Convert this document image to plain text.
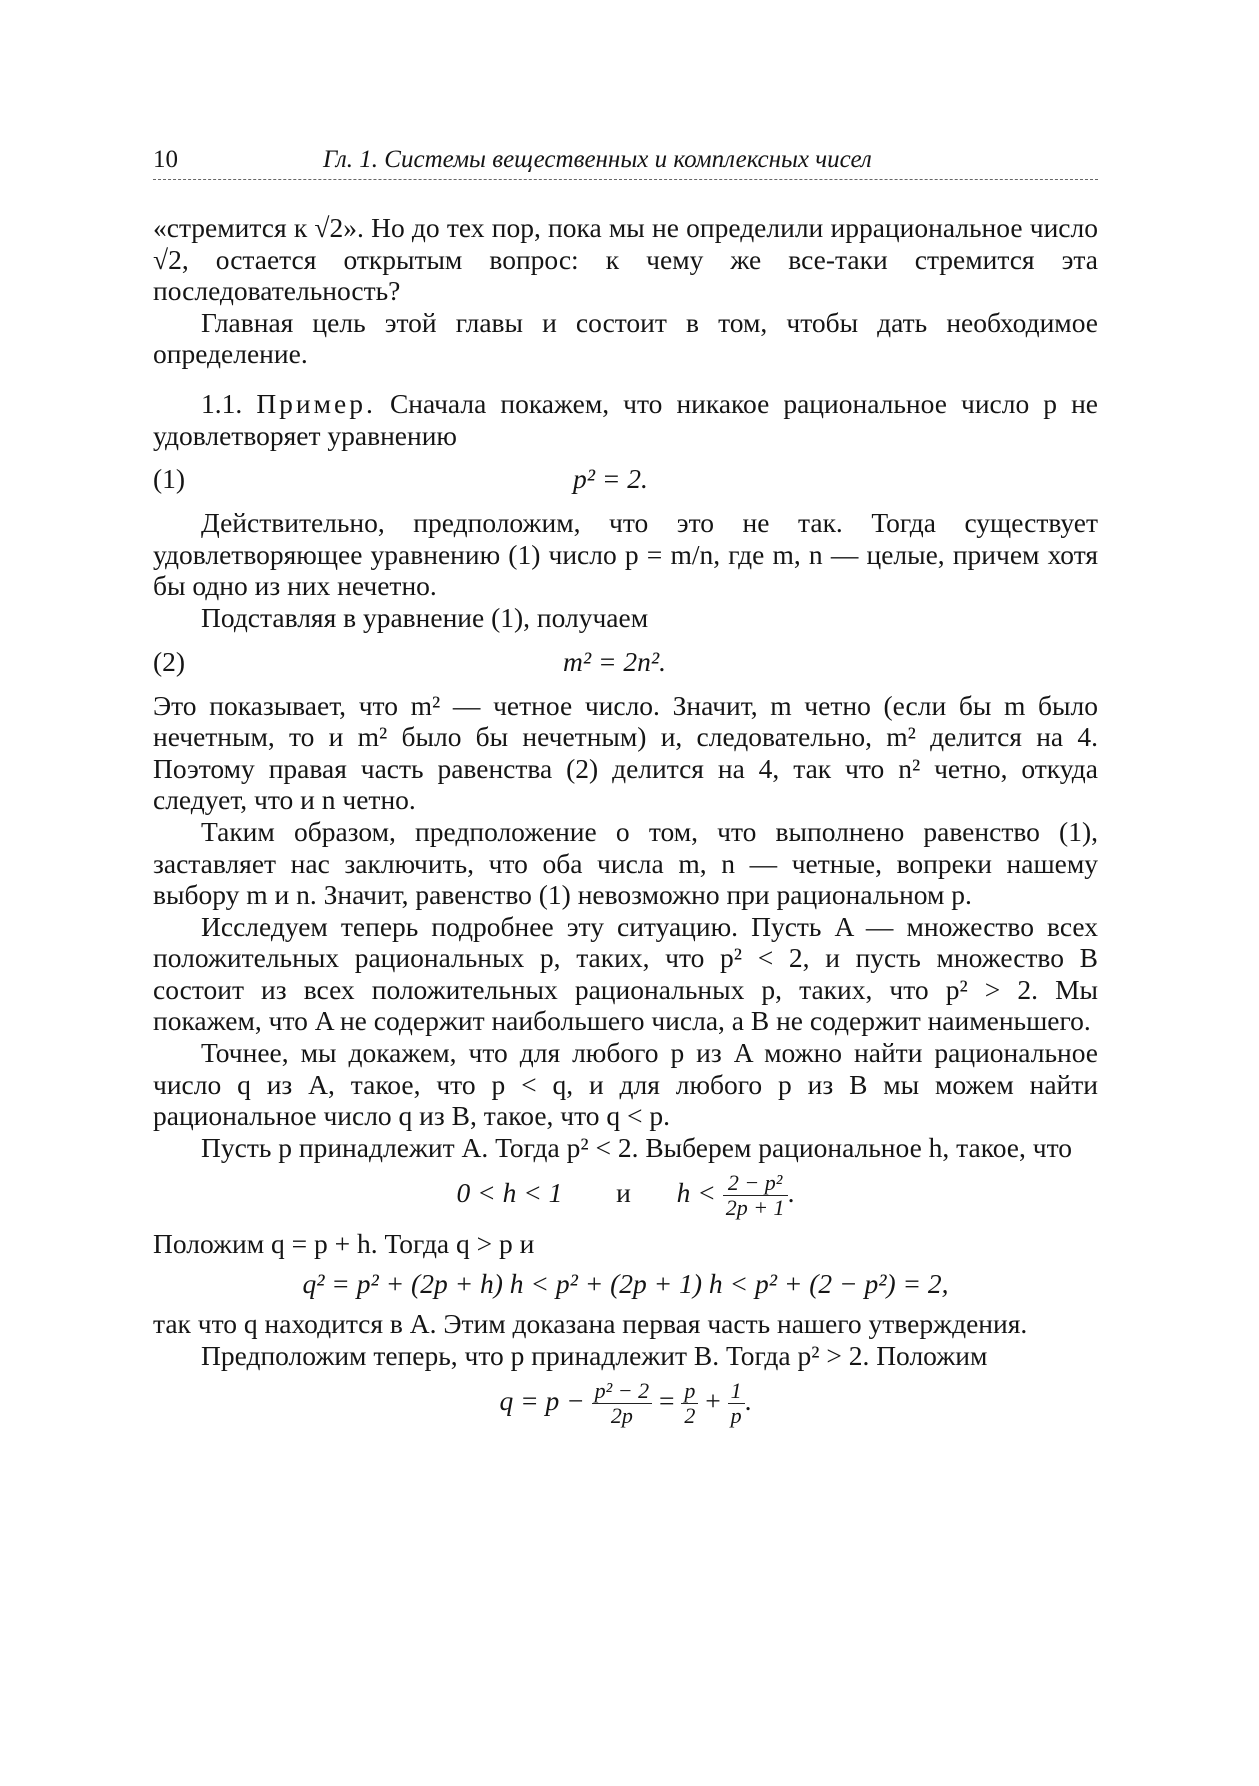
10	Гл. 1. Системы вещественных и комплексных чисел

«стремится к √2». Но до тех пор, пока мы не определили иррациональное число √2, остается открытым вопрос: к чему же все-таки стремится эта последовательность?

Главная цель этой главы и состоит в том, чтобы дать необходимое определение.

1.1. Пример. Сначала покажем, что никакое рациональное число p не удовлетворяет уравнению

(1)	p² = 2.

Действительно, предположим, что это не так. Тогда существует удовлетворяющее уравнению (1) число p = m/n, где m, n — целые, причем хотя бы одно из них нечетно.

Подставляя в уравнение (1), получаем

(2)	m² = 2n².

Это показывает, что m² — четное число. Значит, m четно (если бы m было нечетным, то и m² было бы нечетным) и, следовательно, m² делится на 4. Поэтому правая часть равенства (2) делится на 4, так что n² четно, откуда следует, что и n четно.

Таким образом, предположение о том, что выполнено равенство (1), заставляет нас заключить, что оба числа m, n — четные, вопреки нашему выбору m и n. Значит, равенство (1) невозможно при рациональном p.

Исследуем теперь подробнее эту ситуацию. Пусть A — множество всех положительных рациональных p, таких, что p² < 2, и пусть множество B состоит из всех положительных рациональных p, таких, что p² > 2. Мы покажем, что A не содержит наибольшего числа, а B не содержит наименьшего.

Точнее, мы докажем, что для любого p из A можно найти рациональное число q из A, такое, что p < q, и для любого p из B мы можем найти рациональное число q из B, такое, что q < p.

Пусть p принадлежит A. Тогда p² < 2. Выберем рациональное h, такое, что

0 < h < 1 и $h < \frac{\text{2 − p²}}{2p + 1}$ .

Положим q = p + h. Тогда q > p и

q² = p² + (2p + h) h < p² + (2p + 1) h < p² + (2 − p²) = 2,

так что q находится в A. Этим доказана первая часть нашего утверждения.

Предположим теперь, что p принадлежит B. Тогда p² > 2. Положим

$q = p - \frac{\text{p² − 2}}{2p} = \frac{p}{2} + \frac{1}{p}$ .
